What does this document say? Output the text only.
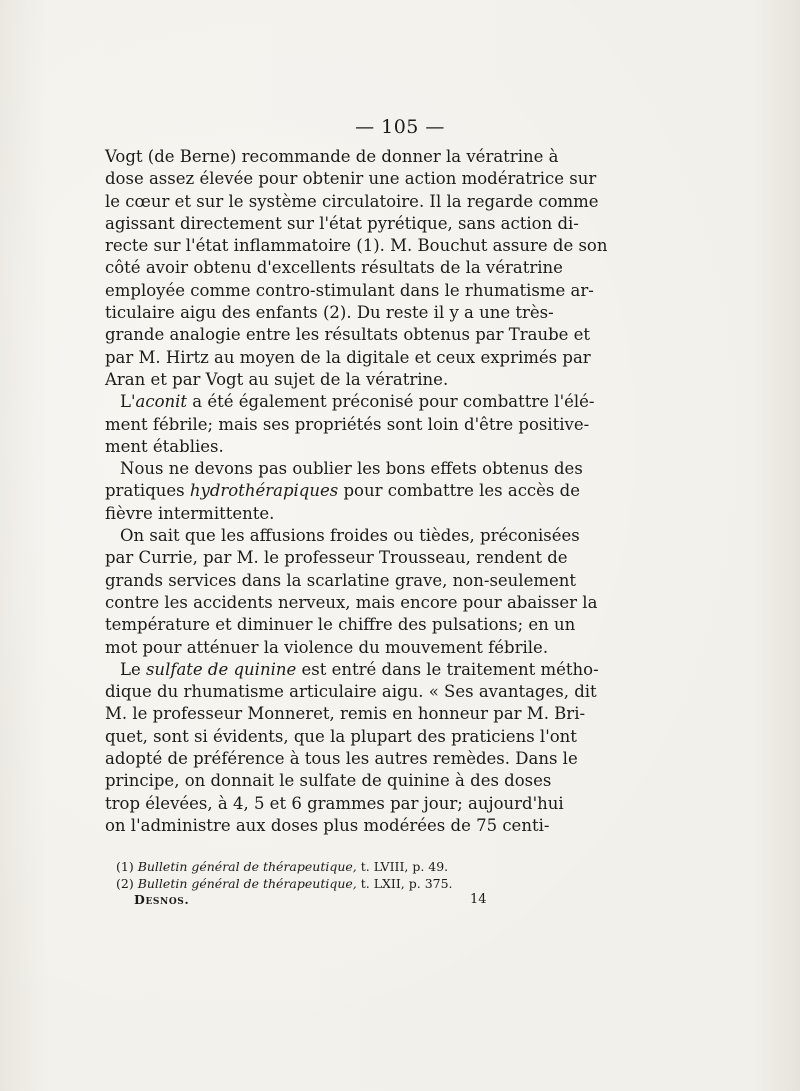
— 105 —
Vogt (de Berne) recommande de donner la vératrine à
dose assez élevée pour obtenir une action modératrice sur
le cœur et sur le système circulatoire. Il la regarde comme
agissant directement sur l'état pyrétique, sans action di-
recte sur l'état inflammatoire (1). M. Bouchut assure de son
côté avoir obtenu d'excellents résultats de la vératrine
employée comme contro-stimulant dans le rhumatisme ar-
ticulaire aigu des enfants (2). Du reste il y a une très-
grande analogie entre les résultats obtenus par Traube et
par M. Hirtz au moyen de la digitale et ceux exprimés par
Aran et par Vogt au sujet de la vératrine.
L'aconit a été également préconisé pour combattre l'élé-
ment fébrile; mais ses propriétés sont loin d'être positive-
ment établies.
Nous ne devons pas oublier les bons effets obtenus des
pratiques hydrothérapiques pour combattre les accès de
fièvre intermittente.
On sait que les affusions froides ou tièdes, préconisées
par Currie, par M. le professeur Trousseau, rendent de
grands services dans la scarlatine grave, non-seulement
contre les accidents nerveux, mais encore pour abaisser la
température et diminuer le chiffre des pulsations; en un
mot pour atténuer la violence du mouvement fébrile.
Le sulfate de quinine est entré dans le traitement métho-
dique du rhumatisme articulaire aigu. « Ses avantages, dit
M. le professeur Monneret, remis en honneur par M. Bri-
quet, sont si évidents, que la plupart des praticiens l'ont
adopté de préférence à tous les autres remèdes. Dans le
principe, on donnait le sulfate de quinine à des doses
trop élevées, à 4, 5 et 6 grammes par jour; aujourd'hui
on l'administre aux doses plus modérées de 75 centi-
(1) Bulletin général de thérapeutique, t. LVIII, p. 49.
(2) Bulletin général de thérapeutique, t. LXII, p. 375.
Desnos.	14
